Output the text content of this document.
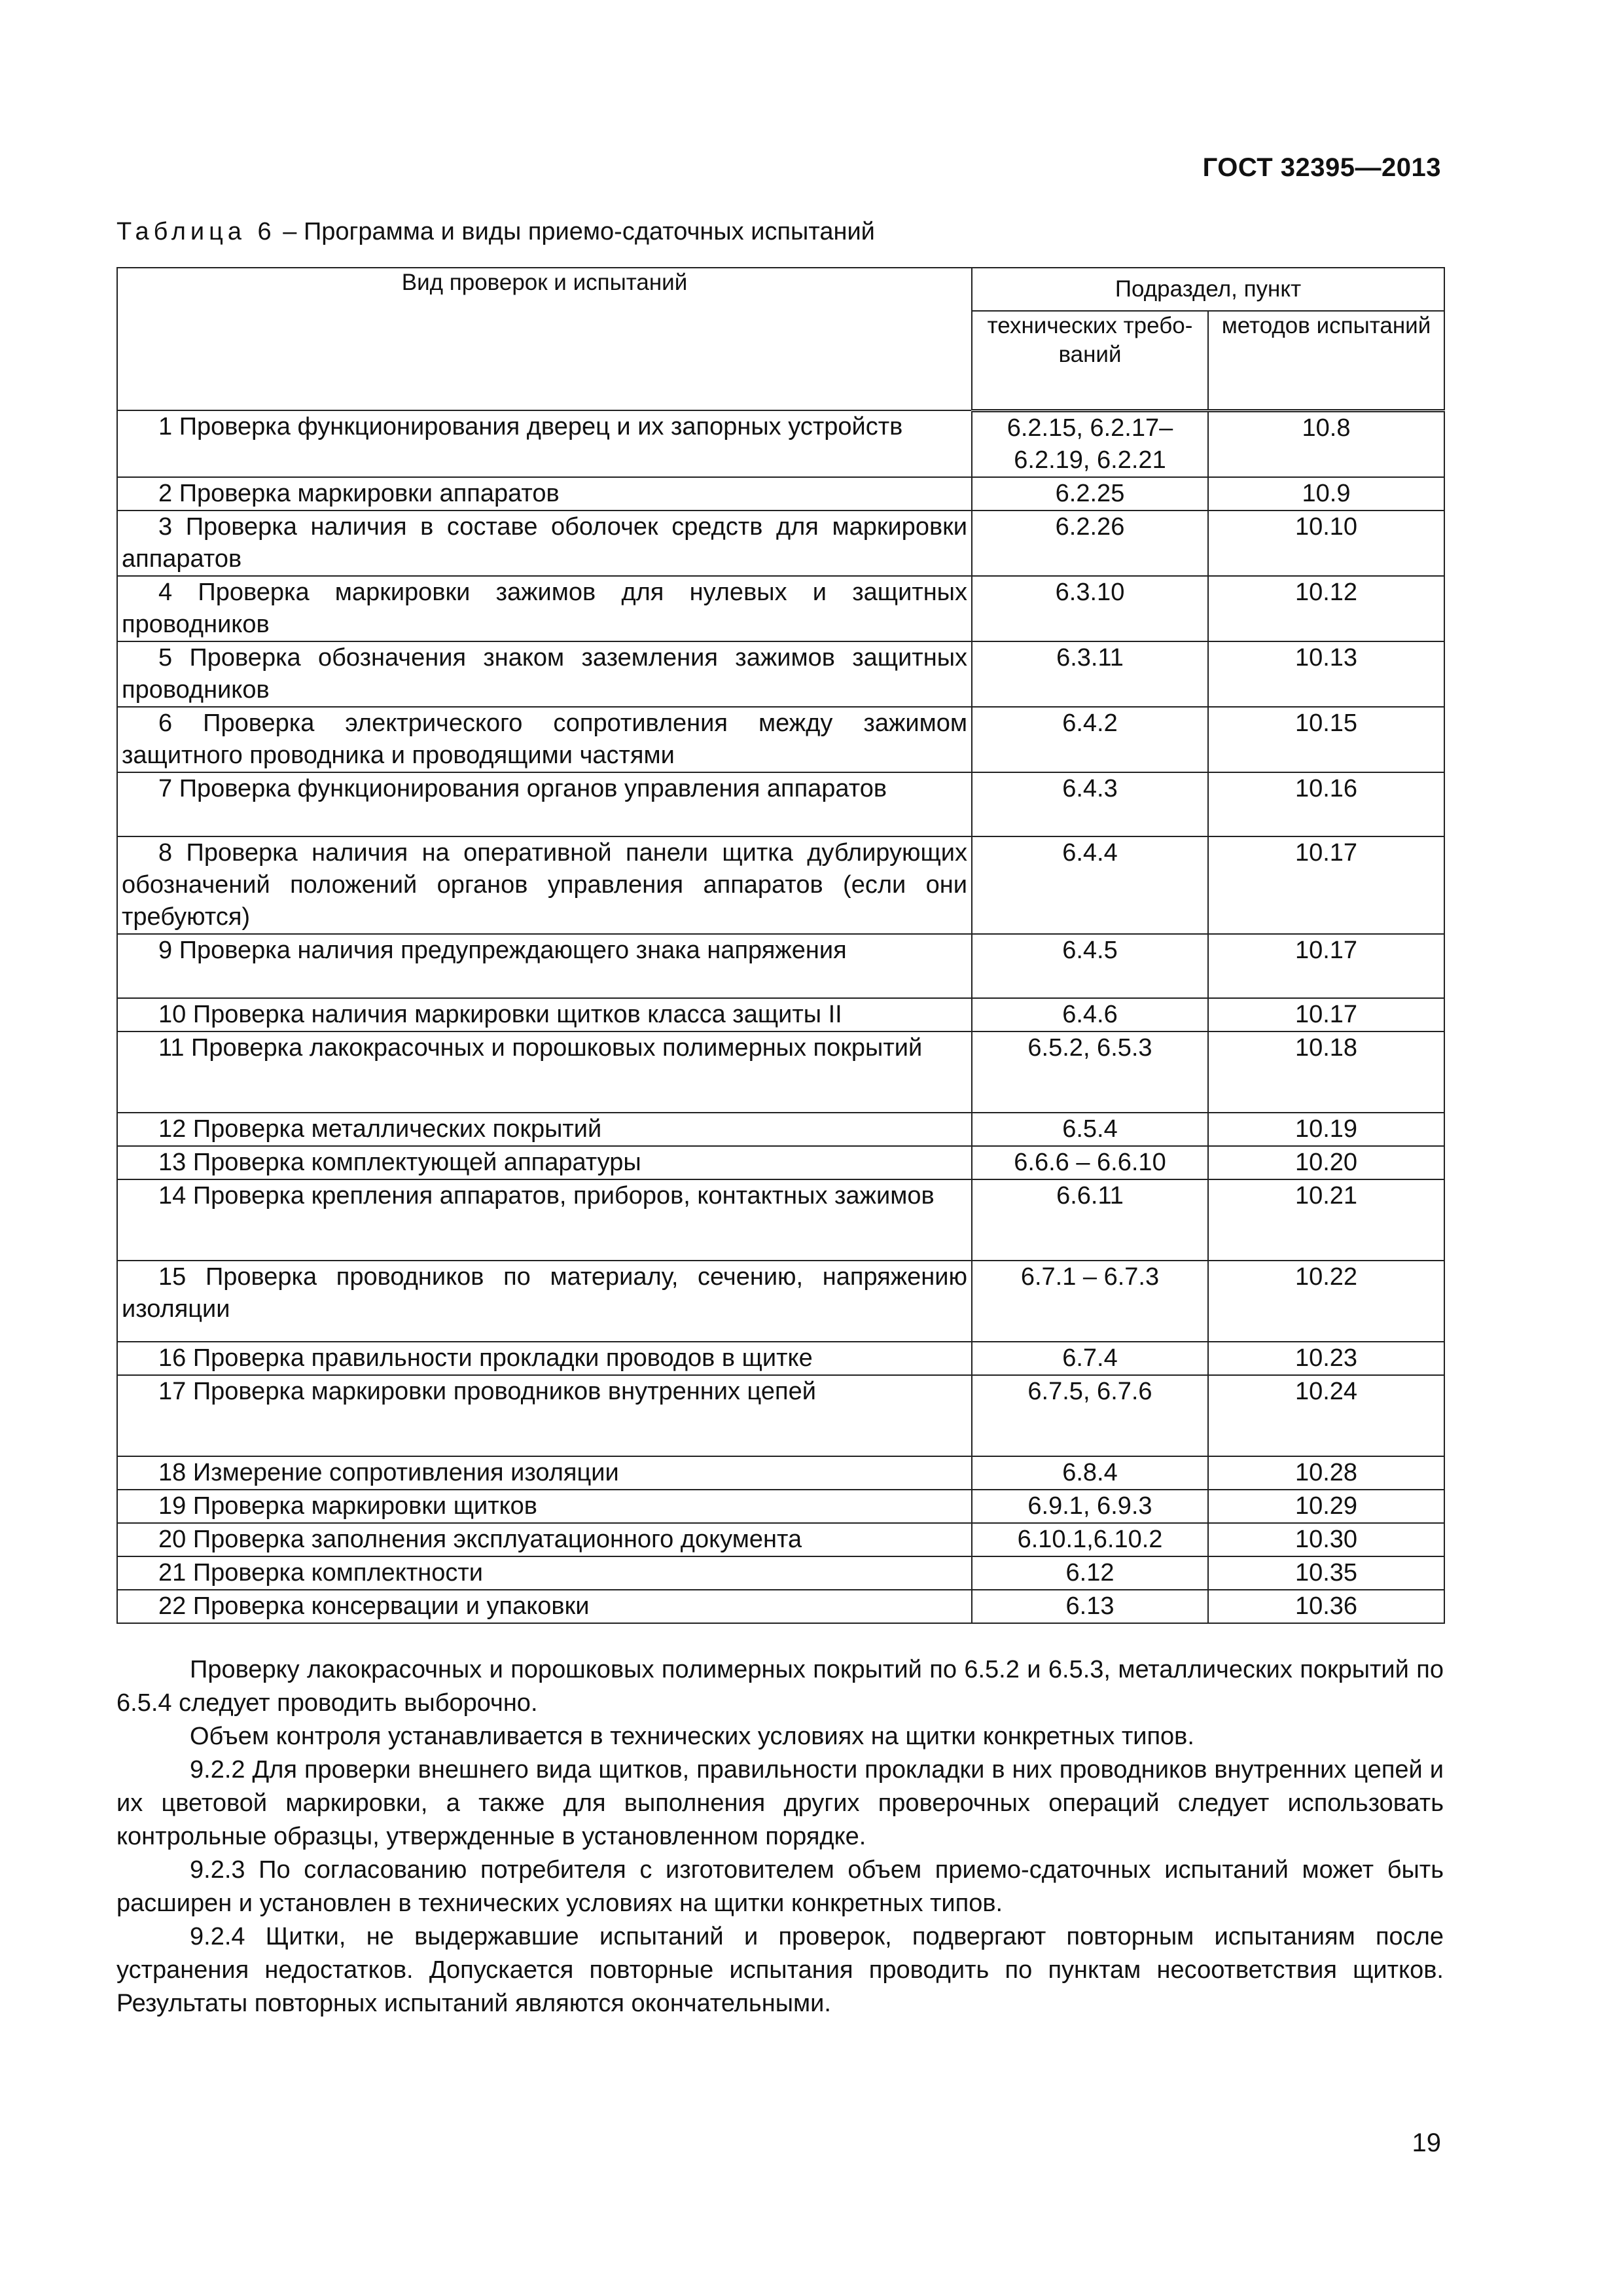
ГОСТ 32395—2013
Таблица 6 – Программа и виды приемо-сдаточных испытаний
Вид проверок и испытаний	Подраздел, пункт	
	технических требо-ваний	методов испытаний
1 Проверка функционирования дверец и их запорных устройств	6.2.15, 6.2.17–6.2.19, 6.2.21	10.8
2 Проверка маркировки аппаратов	6.2.25	10.9
3 Проверка наличия в составе оболочек средств для маркировки аппаратов	6.2.26	10.10
4 Проверка маркировки зажимов для нулевых и защитных проводников	6.3.10	10.12
5 Проверка обозначения знаком заземления зажимов защитных проводников	6.3.11	10.13
6 Проверка электрического сопротивления между зажимом защитного проводника и проводящими частями	6.4.2	10.15
7 Проверка функционирования органов управления аппаратов	6.4.3	10.16
8 Проверка наличия на оперативной панели щитка дублирующих обозначений положений органов управления аппаратов (если они требуются)	6.4.4	10.17
9 Проверка наличия предупреждающего знака напряжения	6.4.5	10.17
10 Проверка наличия маркировки щитков класса защиты II	6.4.6	10.17
11 Проверка лакокрасочных и порошковых полимерных покрытий	6.5.2, 6.5.3	10.18
12 Проверка металлических покрытий	6.5.4	10.19
13 Проверка комплектующей аппаратуры	6.6.6 – 6.6.10	10.20
14 Проверка крепления аппаратов, приборов, контактных зажимов	6.6.11	10.21
15 Проверка проводников по материалу, сечению, напряжению изоляции	6.7.1 – 6.7.3	10.22
16 Проверка правильности прокладки проводов в щитке	6.7.4	10.23
17 Проверка маркировки проводников внутренних цепей	6.7.5, 6.7.6	10.24
18 Измерение сопротивления изоляции	6.8.4	10.28
19 Проверка маркировки щитков	6.9.1, 6.9.3	10.29
20 Проверка заполнения эксплуатационного документа	6.10.1,6.10.2	10.30
21 Проверка комплектности	6.12	10.35
22 Проверка консервации и упаковки	6.13	10.36

Проверку лакокрасочных и порошковых полимерных покрытий по 6.5.2 и 6.5.3, металлических покрытий по 6.5.4 следует проводить выборочно.

Объем контроля устанавливается в технических условиях на щитки конкретных типов.

9.2.2 Для проверки внешнего вида щитков, правильности прокладки в них проводников внутренних цепей и их цветовой маркировки, а также для выполнения других проверочных операций следует использовать контрольные образцы, утвержденные в установленном порядке.

9.2.3 По согласованию потребителя с изготовителем объем приемо-сдаточных испытаний может быть расширен и установлен в технических условиях на щитки конкретных типов.

9.2.4 Щитки, не выдержавшие испытаний и проверок, подвергают повторным испытаниям после устранения недостатков. Допускается повторные испытания проводить по пунктам несоответствия щитков. Результаты повторных испытаний являются окончательными.

19
